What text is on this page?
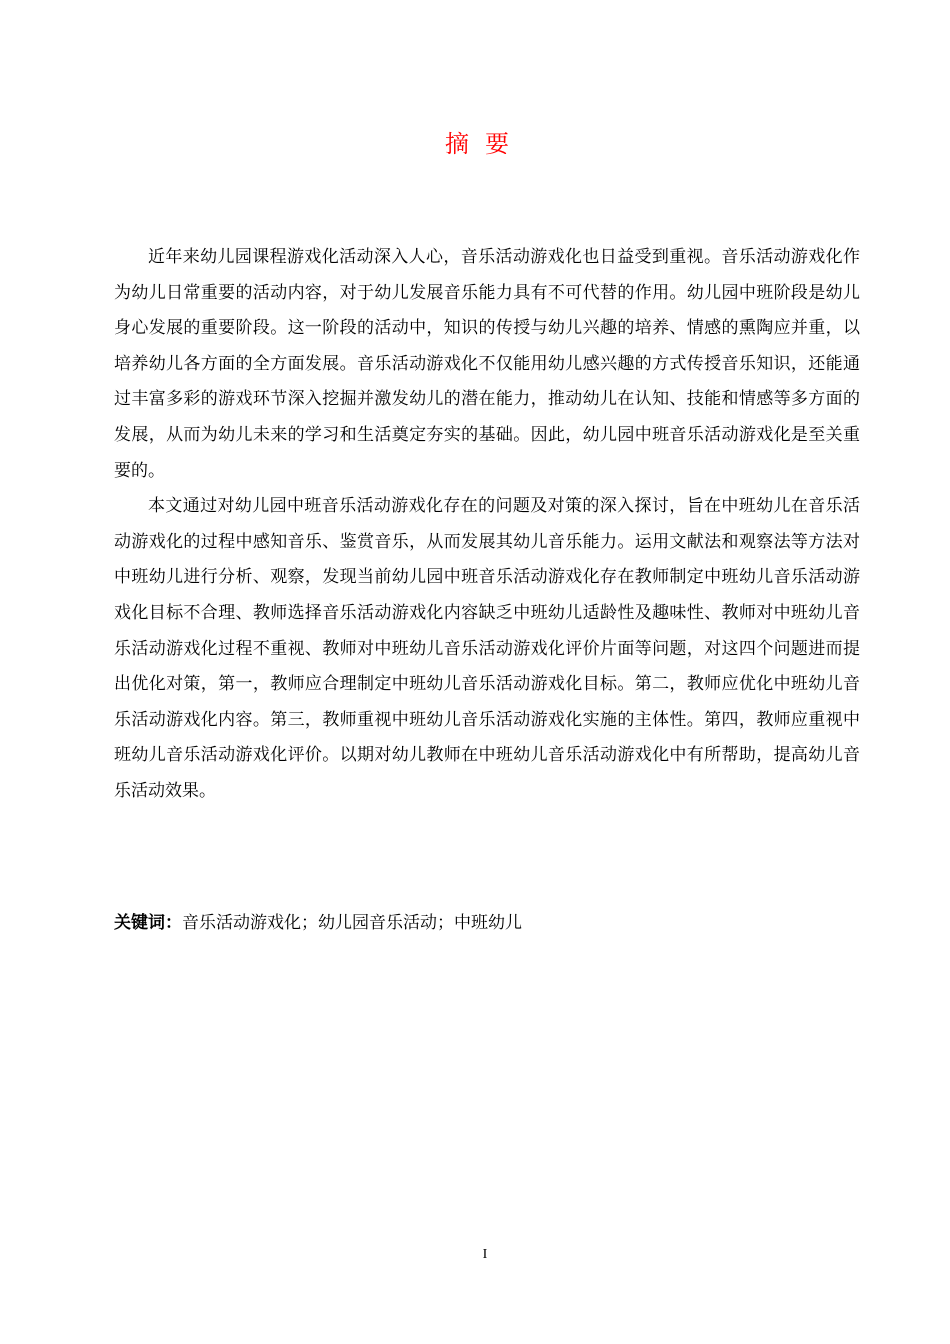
摘要

近年来幼儿园课程游戏化活动深入人心，音乐活动游戏化也日益受到重视。音乐活动游戏化作为幼儿日常重要的活动内容，对于幼儿发展音乐能力具有不可代替的作用。幼儿园中班阶段是幼儿身心发展的重要阶段。这一阶段的活动中，知识的传授与幼儿兴趣的培养、情感的熏陶应并重，以培养幼儿各方面的全方面发展。音乐活动游戏化不仅能用幼儿感兴趣的方式传授音乐知识，还能通过丰富多彩的游戏环节深入挖掘并激发幼儿的潜在能力，推动幼儿在认知、技能和情感等多方面的发展，从而为幼儿未来的学习和生活奠定夯实的基础。因此，幼儿园中班音乐活动游戏化是至关重要的。

本文通过对幼儿园中班音乐活动游戏化存在的问题及对策的深入探讨，旨在中班幼儿在音乐活动游戏化的过程中感知音乐、鉴赏音乐，从而发展其幼儿音乐能力。运用文献法和观察法等方法对中班幼儿进行分析、观察，发现当前幼儿园中班音乐活动游戏化存在教师制定中班幼儿音乐活动游戏化目标不合理、教师选择音乐活动游戏化内容缺乏中班幼儿适龄性及趣味性、教师对中班幼儿音乐活动游戏化过程不重视、教师对中班幼儿音乐活动游戏化评价片面等问题，对这四个问题进而提出优化对策，第一，教师应合理制定中班幼儿音乐活动游戏化目标。第二，教师应优化中班幼儿音乐活动游戏化内容。第三，教师重视中班幼儿音乐活动游戏化实施的主体性。第四，教师应重视中班幼儿音乐活动游戏化评价。以期对幼儿教师在中班幼儿音乐活动游戏化中有所帮助，提高幼儿音乐活动效果。

关键词：音乐活动游戏化；幼儿园音乐活动；中班幼儿
I
